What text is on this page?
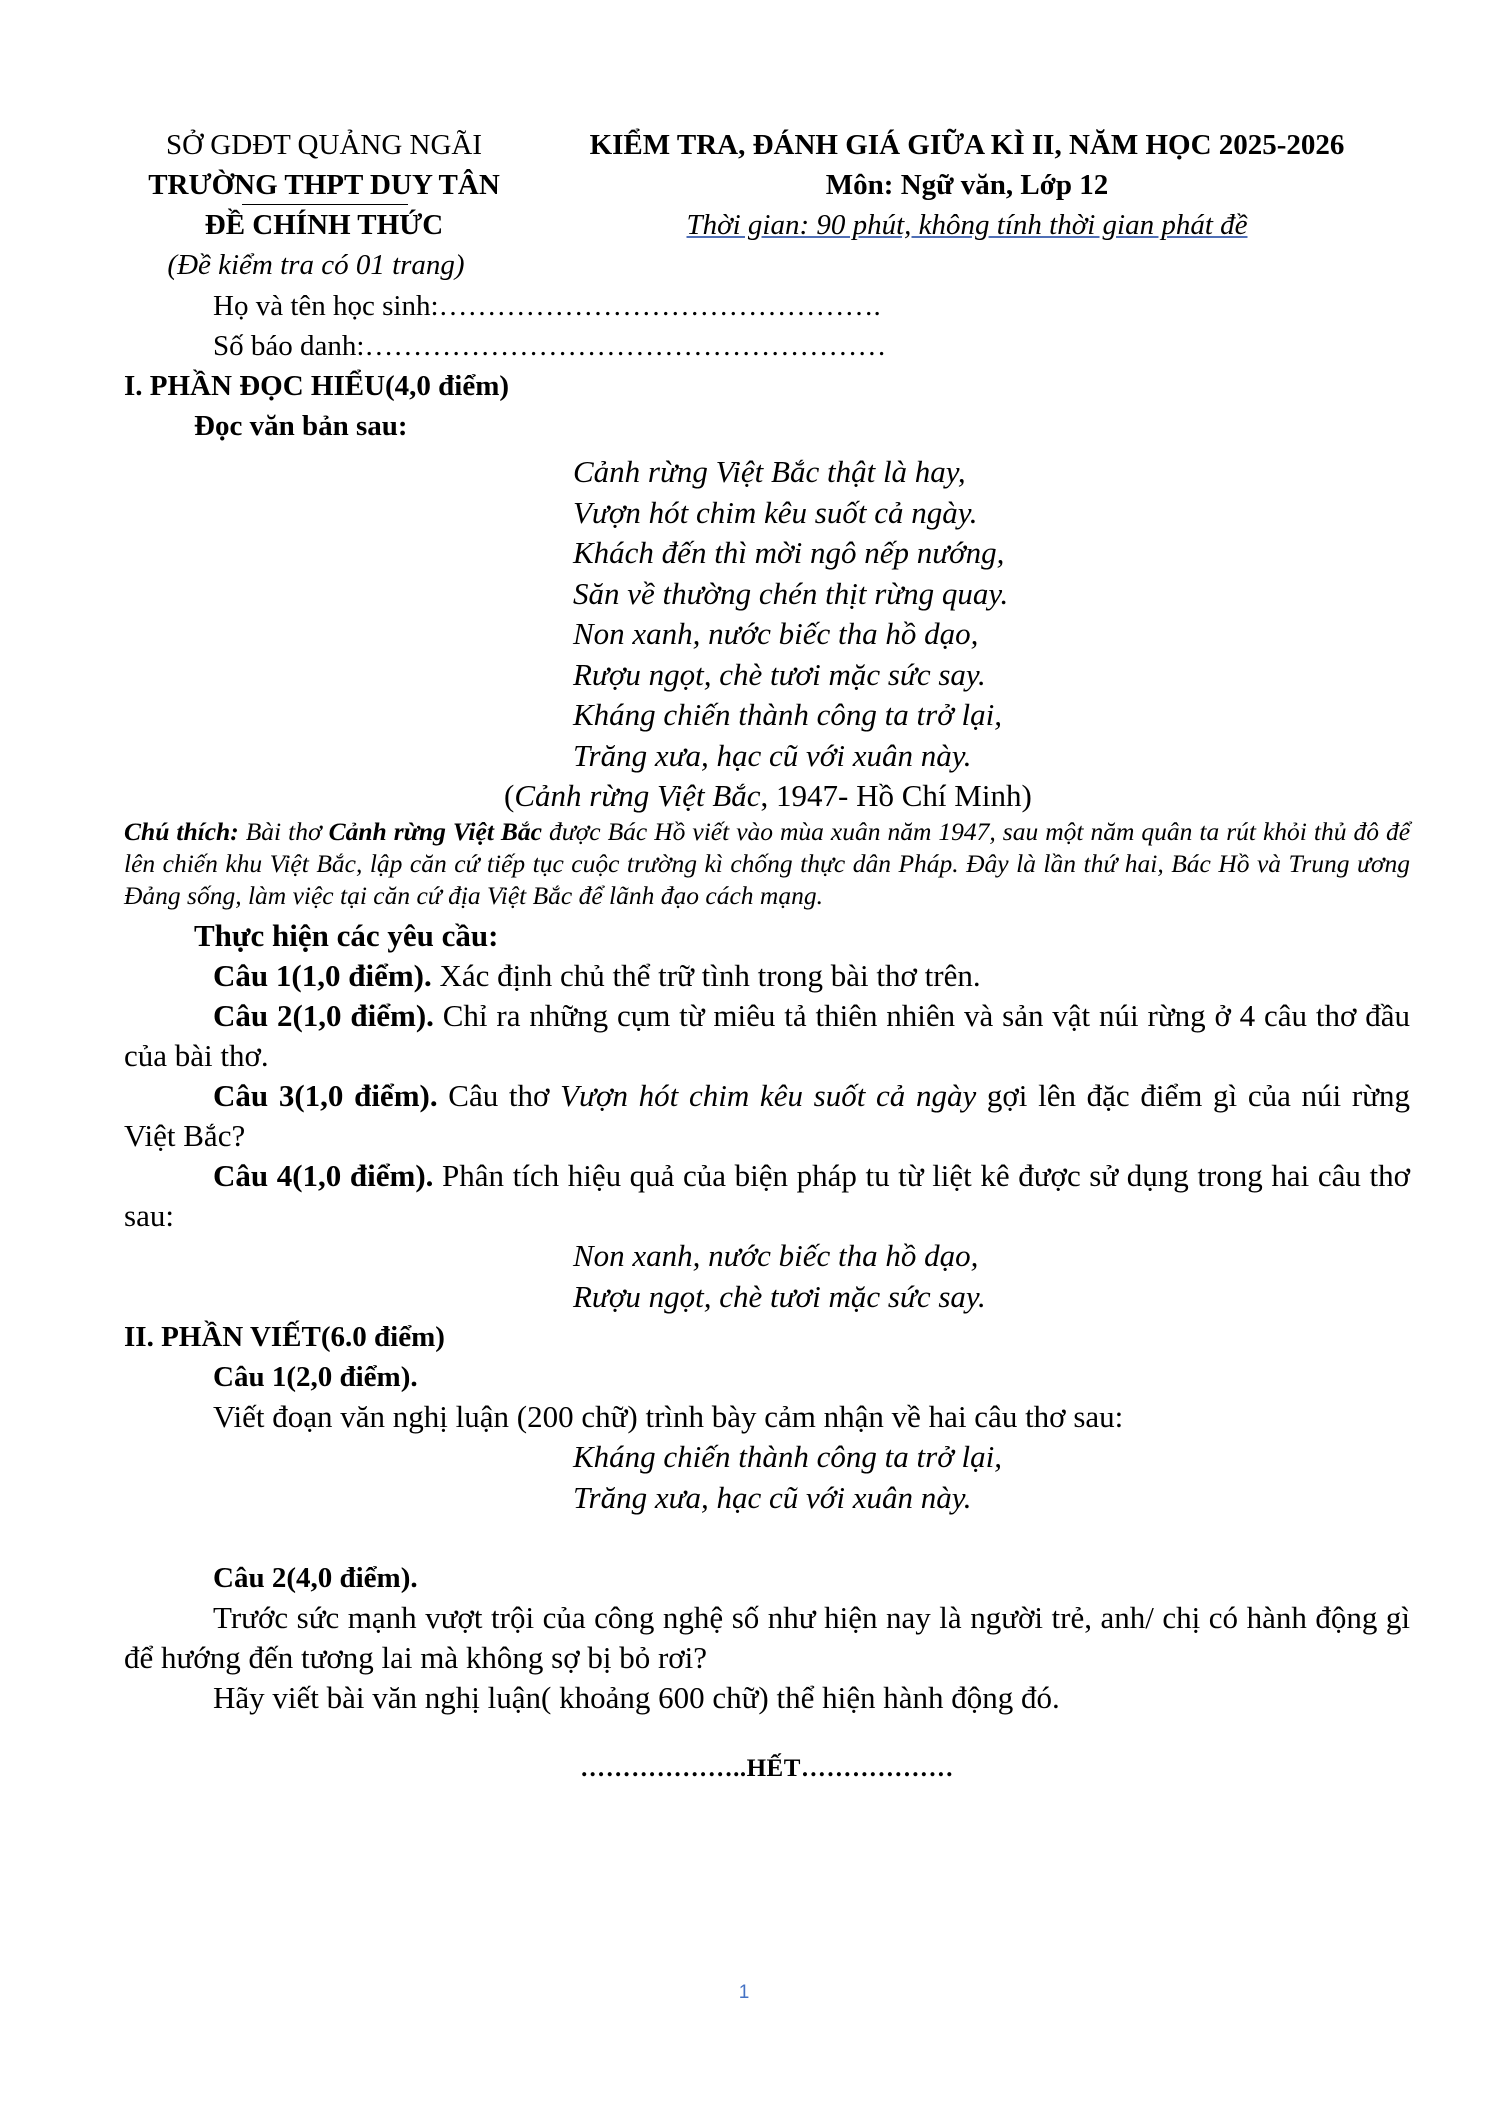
SỞ GDĐT QUẢNG NGÃI
TRƯỜNG THPT DUY TÂN
ĐỀ CHÍNH THỨC
(Đề kiểm tra có 01 trang)
KIỂM TRA, ĐÁNH GIÁ GIỮA KÌ II, NĂM HỌC 2025-2026
Môn: Ngữ văn, Lớp 12
Thời gian: 90 phút, không tính thời gian phát đề
Họ và tên học sinh:……………………………………….
Số báo danh:………………………………………………
I. PHẦN ĐỌC HIỂU(4,0 điểm)
Đọc văn bản sau:
Cảnh rừng Việt Bắc thật là hay,
Vượn hót chim kêu suốt cả ngày.
Khách đến thì mời ngô nếp nướng,
Săn về thường chén thịt rừng quay.
Non xanh, nước biếc tha hồ dạo,
Rượu ngọt, chè tươi mặc sức say.
Kháng chiến thành công ta trở lại,
Trăng xưa, hạc cũ với xuân này.
(Cảnh rừng Việt Bắc, 1947- Hồ Chí Minh)
Chú thích: Bài thơ Cảnh rừng Việt Bắc được Bác Hồ viết vào mùa xuân năm 1947, sau một năm quân ta rút khỏi thủ đô để lên chiến khu Việt Bắc, lập căn cứ tiếp tục cuộc trường kì chống thực dân Pháp. Đây là lần thứ hai, Bác Hồ và Trung ương Đảng sống, làm việc tại căn cứ địa Việt Bắc để lãnh đạo cách mạng.
Thực hiện các yêu cầu:

Câu 1(1,0 điểm). Xác định chủ thể trữ tình trong bài thơ trên.

Câu 2(1,0 điểm). Chỉ ra những cụm từ miêu tả thiên nhiên và sản vật núi rừng ở 4 câu thơ đầu của bài thơ.

Câu 3(1,0 điểm). Câu thơ Vượn hót chim kêu suốt cả ngày gợi lên đặc điểm gì của núi rừng Việt Bắc?

Câu 4(1,0 điểm). Phân tích hiệu quả của biện pháp tu từ liệt kê được sử dụng trong hai câu thơ sau:

Non xanh, nước biếc tha hồ dạo,
Rượu ngọt, chè tươi mặc sức say.
II. PHẦN VIẾT(6.0 điểm)
Câu 1(2,0 điểm).

Viết đoạn văn nghị luận (200 chữ) trình bày cảm nhận về hai câu thơ sau:

Kháng chiến thành công ta trở lại,
Trăng xưa, hạc cũ với xuân này.
Câu 2(4,0 điểm).

Trước sức mạnh vượt trội của công nghệ số như hiện nay là người trẻ, anh/ chị có hành động gì để hướng đến tương lai mà không sợ bị bỏ rơi?

Hãy viết bài văn nghị luận( khoảng 600 chữ) thể hiện hành động đó.

………………..HẾT………………
1
